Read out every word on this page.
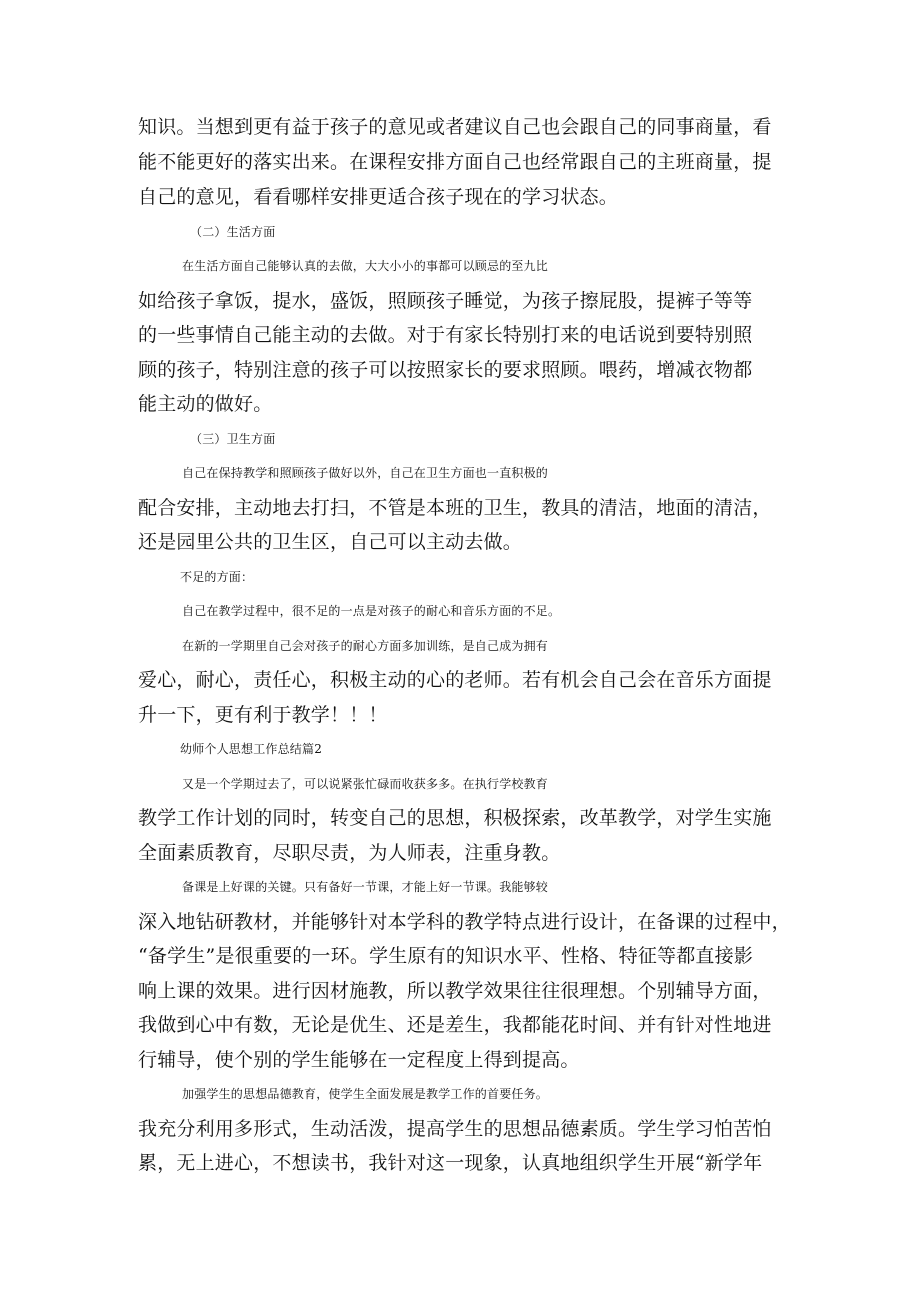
知识。当想到更有益于孩子的意见或者建议自己也会跟自己的同事商量，看
能不能更好的落实出来。在课程安排方面自己也经常跟自己的主班商量，提
自己的意见，看看哪样安排更适合孩子现在的学习状态。
（二）生活方面
在生活方面自己能够认真的去做，大大小小的事都可以顾忌的至九比
如给孩子拿饭，提水，盛饭，照顾孩子睡觉，为孩子擦屁股，提裤子等等
的一些事情自己能主动的去做。对于有家长特别打来的电话说到要特别照
顾的孩子，特别注意的孩子可以按照家长的要求照顾。喂药，增减衣物都
能主动的做好。
（三）卫生方面
自己在保持教学和照顾孩子做好以外，自己在卫生方面也一直积极的
配合安排，主动地去打扫，不管是本班的卫生，教具的清洁，地面的清洁，
还是园里公共的卫生区，自己可以主动去做。
不足的方面：
自己在教学过程中，很不足的一点是对孩子的耐心和音乐方面的不足。
在新的一学期里自己会对孩子的耐心方面多加训练，是自己成为拥有
爱心，耐心，责任心，积极主动的心的老师。若有机会自己会在音乐方面提
升一下，更有利于教学！！！
幼师个人思想工作总结篇2
又是一个学期过去了，可以说紧张忙碌而收获多多。在执行学校教育
教学工作计划的同时，转变自己的思想，积极探索，改革教学，对学生实施
全面素质教育，尽职尽责，为人师表，注重身教。
备课是上好课的关键。只有备好一节课，才能上好一节课。我能够较
深入地钻研教材，并能够针对本学科的教学特点进行设计，在备课的过程中，
“备学生”是很重要的一环。学生原有的知识水平、性格、特征等都直接影
响上课的效果。进行因材施教，所以教学效果往往很理想。个别辅导方面，
我做到心中有数，无论是优生、还是差生，我都能花时间、并有针对性地进
行辅导，使个别的学生能够在一定程度上得到提高。
加强学生的思想品德教育，使学生全面发展是教学工作的首要任务。
我充分利用多形式，生动活泼，提高学生的思想品德素质。学生学习怕苦怕
累，无上进心，不想读书，我针对这一现象，认真地组织学生开展“新学年
